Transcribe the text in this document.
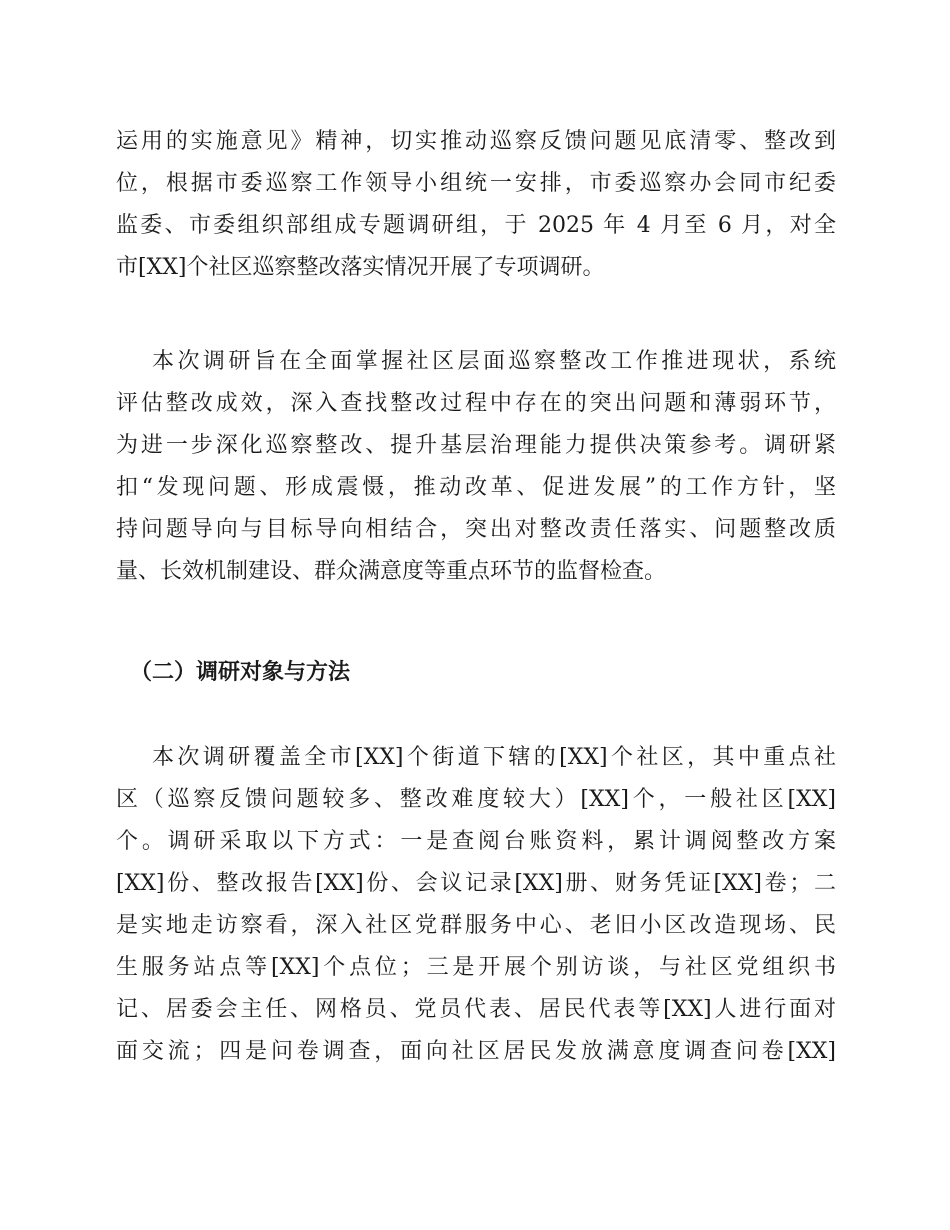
运用的实施意见》精神，切实推动巡察反馈问题见底清零、整改到

位，根据市委巡察工作领导小组统一安排，市委巡察办会同市纪委

监委、市委组织部组成专题调研组，于 2025 年 4 月至 6 月，对全

市[XX]个社区巡察整改落实情况开展了专项调研。

本次调研旨在全面掌握社区层面巡察整改工作推进现状，系统

评估整改成效，深入查找整改过程中存在的突出问题和薄弱环节，

为进一步深化巡察整改、提升基层治理能力提供决策参考。调研紧

扣“发现问题、形成震慑，推动改革、促进发展”的工作方针，坚

持问题导向与目标导向相结合，突出对整改责任落实、问题整改质

量、长效机制建设、群众满意度等重点环节的监督检查。

（二）调研对象与方法

本次调研覆盖全市[XX]个街道下辖的[XX]个社区，其中重点社

区（巡察反馈问题较多、整改难度较大）[XX]个，一般社区[XX]

个。调研采取以下方式：一是查阅台账资料，累计调阅整改方案

[XX]份、整改报告[XX]份、会议记录[XX]册、财务凭证[XX]卷；二

是实地走访察看，深入社区党群服务中心、老旧小区改造现场、民

生服务站点等[XX]个点位；三是开展个别访谈，与社区党组织书

记、居委会主任、网格员、党员代表、居民代表等[XX]人进行面对

面交流；四是问卷调查，面向社区居民发放满意度调查问卷[XX]
